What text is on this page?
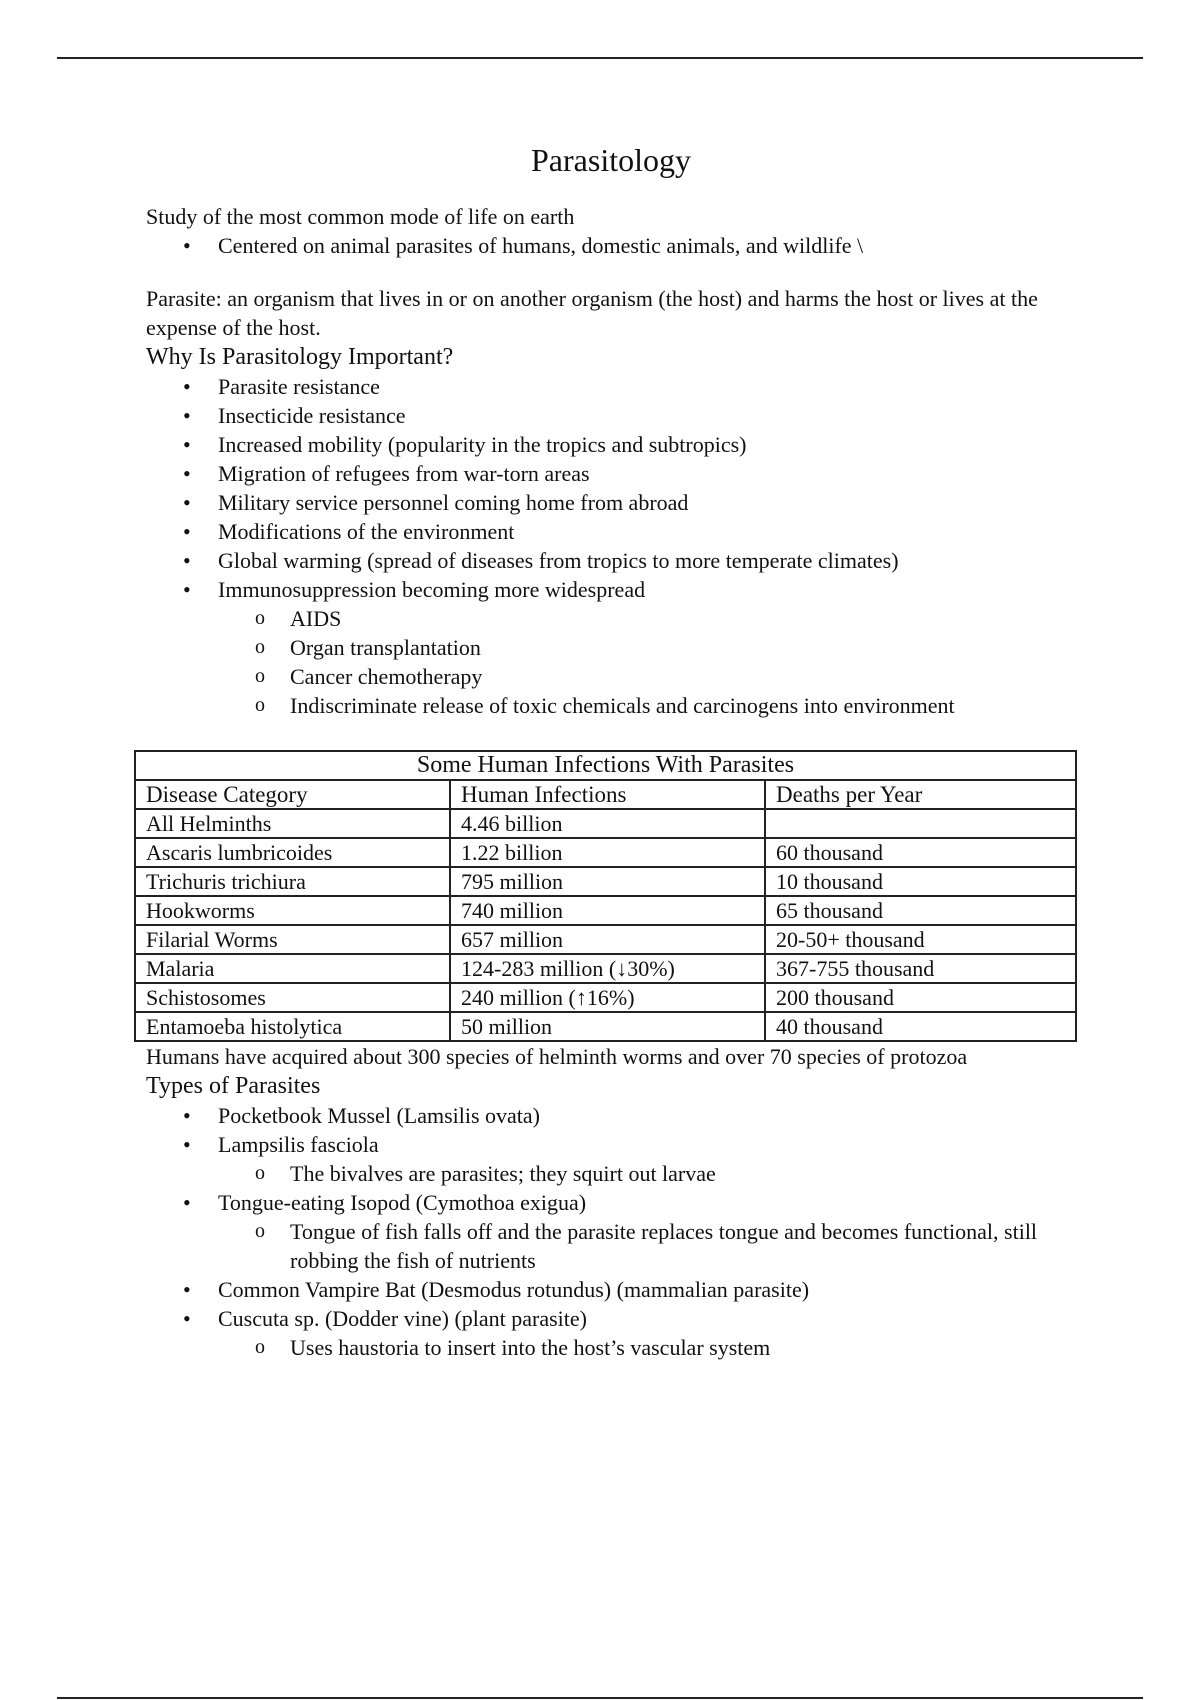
Parasitology

Study of the most common mode of life on earth

• Centered on animal parasites of humans, domestic animals, and wildlife \

Parasite: an organism that lives in or on another organism (the host) and harms the host or lives at the expense of the host.

Why Is Parasitology Important?

• Parasite resistance
• Insecticide resistance
• Increased mobility (popularity in the tropics and subtropics)
• Migration of refugees from war-torn areas
• Military service personnel coming home from abroad
• Modifications of the environment
• Global warming (spread of diseases from tropics to more temperate climates)
• Immunosuppression becoming more widespread
o AIDS
o Organ transplantation
o Cancer chemotherapy
o Indiscriminate release of toxic chemicals and carcinogens into environment
Some Human Infections With Parasites		
Disease Category	Human Infections	Deaths per Year
All Helminths	4.46 billion	
Ascaris lumbricoides	1.22 billion	60 thousand
Trichuris trichiura	795 million	10 thousand
Hookworms	740 million	65 thousand
Filarial Worms	657 million	20-50+ thousand
Malaria	124-283 million (↓30%)	367-755 thousand
Schistosomes	240 million (↑16%)	200 thousand
Entamoeba histolytica	50 million	40 thousand

Humans have acquired about 300 species of helminth worms and over 70 species of protozoa

Types of Parasites

• Pocketbook Mussel (Lamsilis ovata)
• Lampsilis fasciola
o The bivalves are parasites; they squirt out larvae
• Tongue-eating Isopod (Cymothoa exigua)
o Tongue of fish falls off and the parasite replaces tongue and becomes functional, still robbing the fish of nutrients
• Common Vampire Bat (Desmodus rotundus) (mammalian parasite)
• Cuscuta sp. (Dodder vine) (plant parasite)
o Uses haustoria to insert into the host’s vascular system
